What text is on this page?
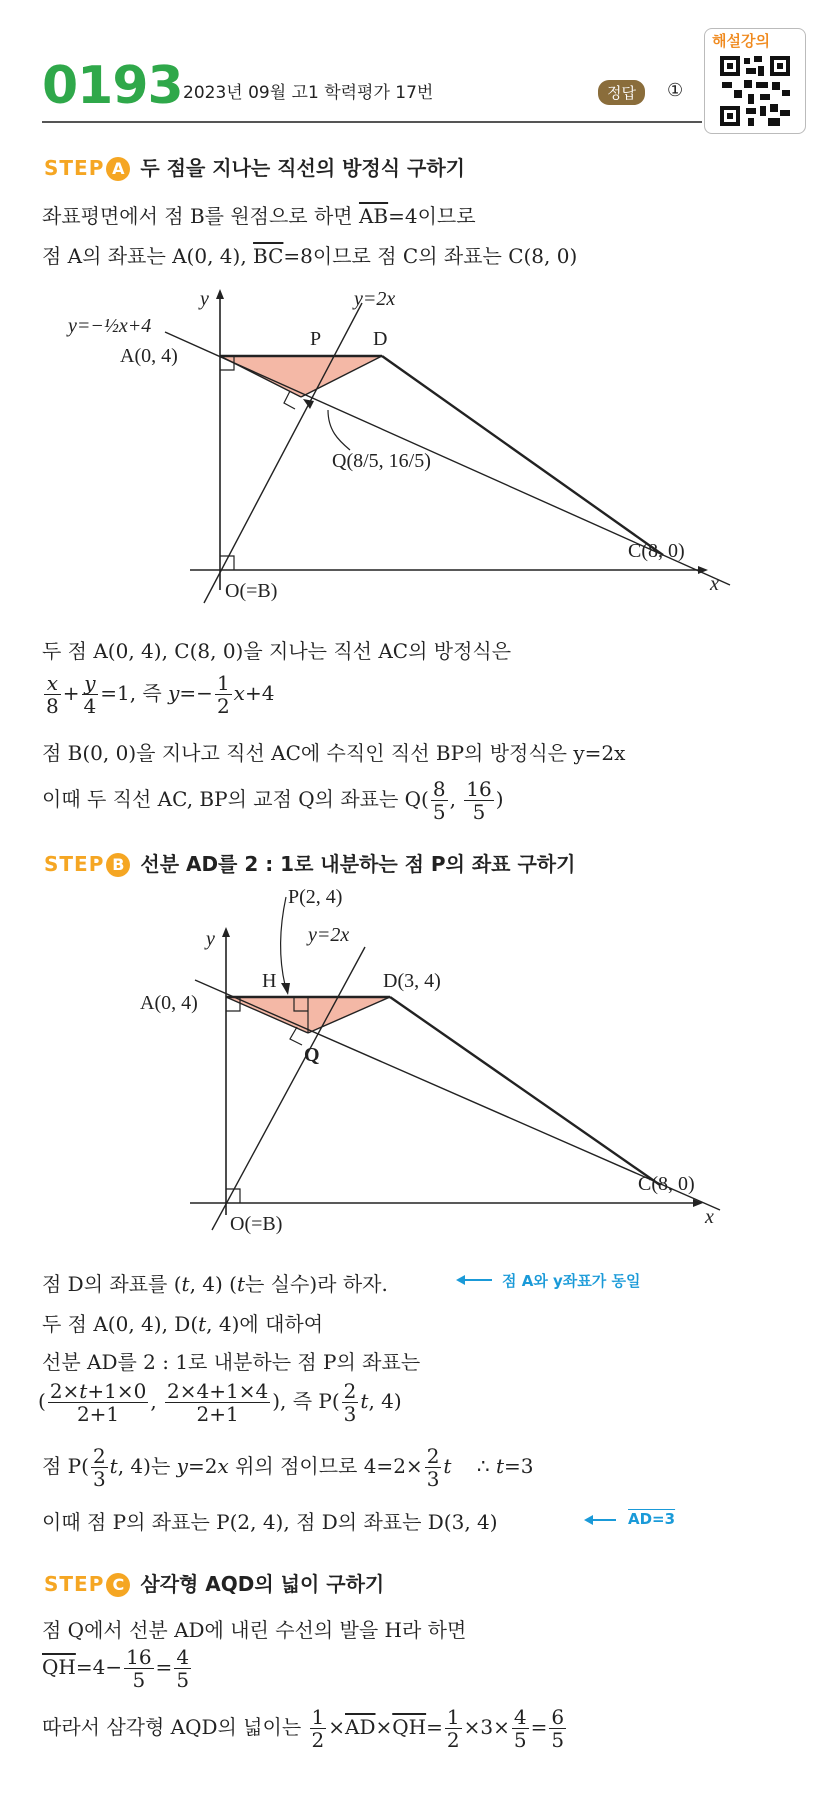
0193 2023년 09월 고1 학력평가 17번	정답	①
해설강의
STEP A 두 점을 지나는 직선의 방정식 구하기
좌표평면에서 점 B를 원점으로 하면 $\overline{AB}=4$이므로
점 A의 좌표는 A(0, 4), $\overline{BC}=8$이므로 점 C의 좌표는 C(8, 0)
y
x
y=−½x+4
y=2x
A(0, 4)
P	D
Q(8/5, 16/5)
C(8, 0)
O(=B)
두 점 A(0, 4), C(8, 0)을 지나는 직선 AC의 방정식은
$\frac{x}{8} + \frac{y}{4} =1$, 즉 $y=- \frac{1}{2} x+4$
점 B(0, 0)을 지나고 직선 AC에 수직인 직선 BP의 방정식은 y=2x
이때 두 직선 AC, BP의 교점 Q의 좌표는 $Q( \frac{8}{5}$ , $\frac{16}{5}$ )
STEP B 선분 AD를 2 : 1로 내분하는 점 P의 좌표 구하기
y
x
P(2, 4)
y=2x
H	D(3, 4)
A(0, 4)
Q
C(8, 0)
O(=B)
점 D의 좌표를 (t, 4) (t는 실수)라 하자.	점 A와 y좌표가 동일
두 점 A(0, 4), D(t, 4)에 대하여
선분 AD를 2 : 1로 내분하는 점 P의 좌표는
( $\frac{2\times t+1\times 0}{2+1}$ , $\frac{2\times 4+1\times 4}{2+1}$ ), 즉 $P( \frac{2}{3} t$, 4)
점 $P( \frac{2}{3} t$, 4)는 y=2x 위의 점이므로 $4=2\times \frac{2}{3}$ t    ∴ t=3
이때 점 P의 좌표는 P(2, 4), 점 D의 좌표는 D(3, 4)	AD=3
STEP C 삼각형 AQD의 넓이 구하기
점 Q에서 선분 AD에 내린 수선의 발을 H라 하면
$\overline{QH}=4- \frac{16}{5} = \frac{4}{5}$
따라서 삼각형 AQD의 넓이는 $\frac{1}{2} \times\overline{AD}\times\overline{QH}= \frac{1}{2} \times 3\times \frac{4}{5} = \frac{6}{5}$
